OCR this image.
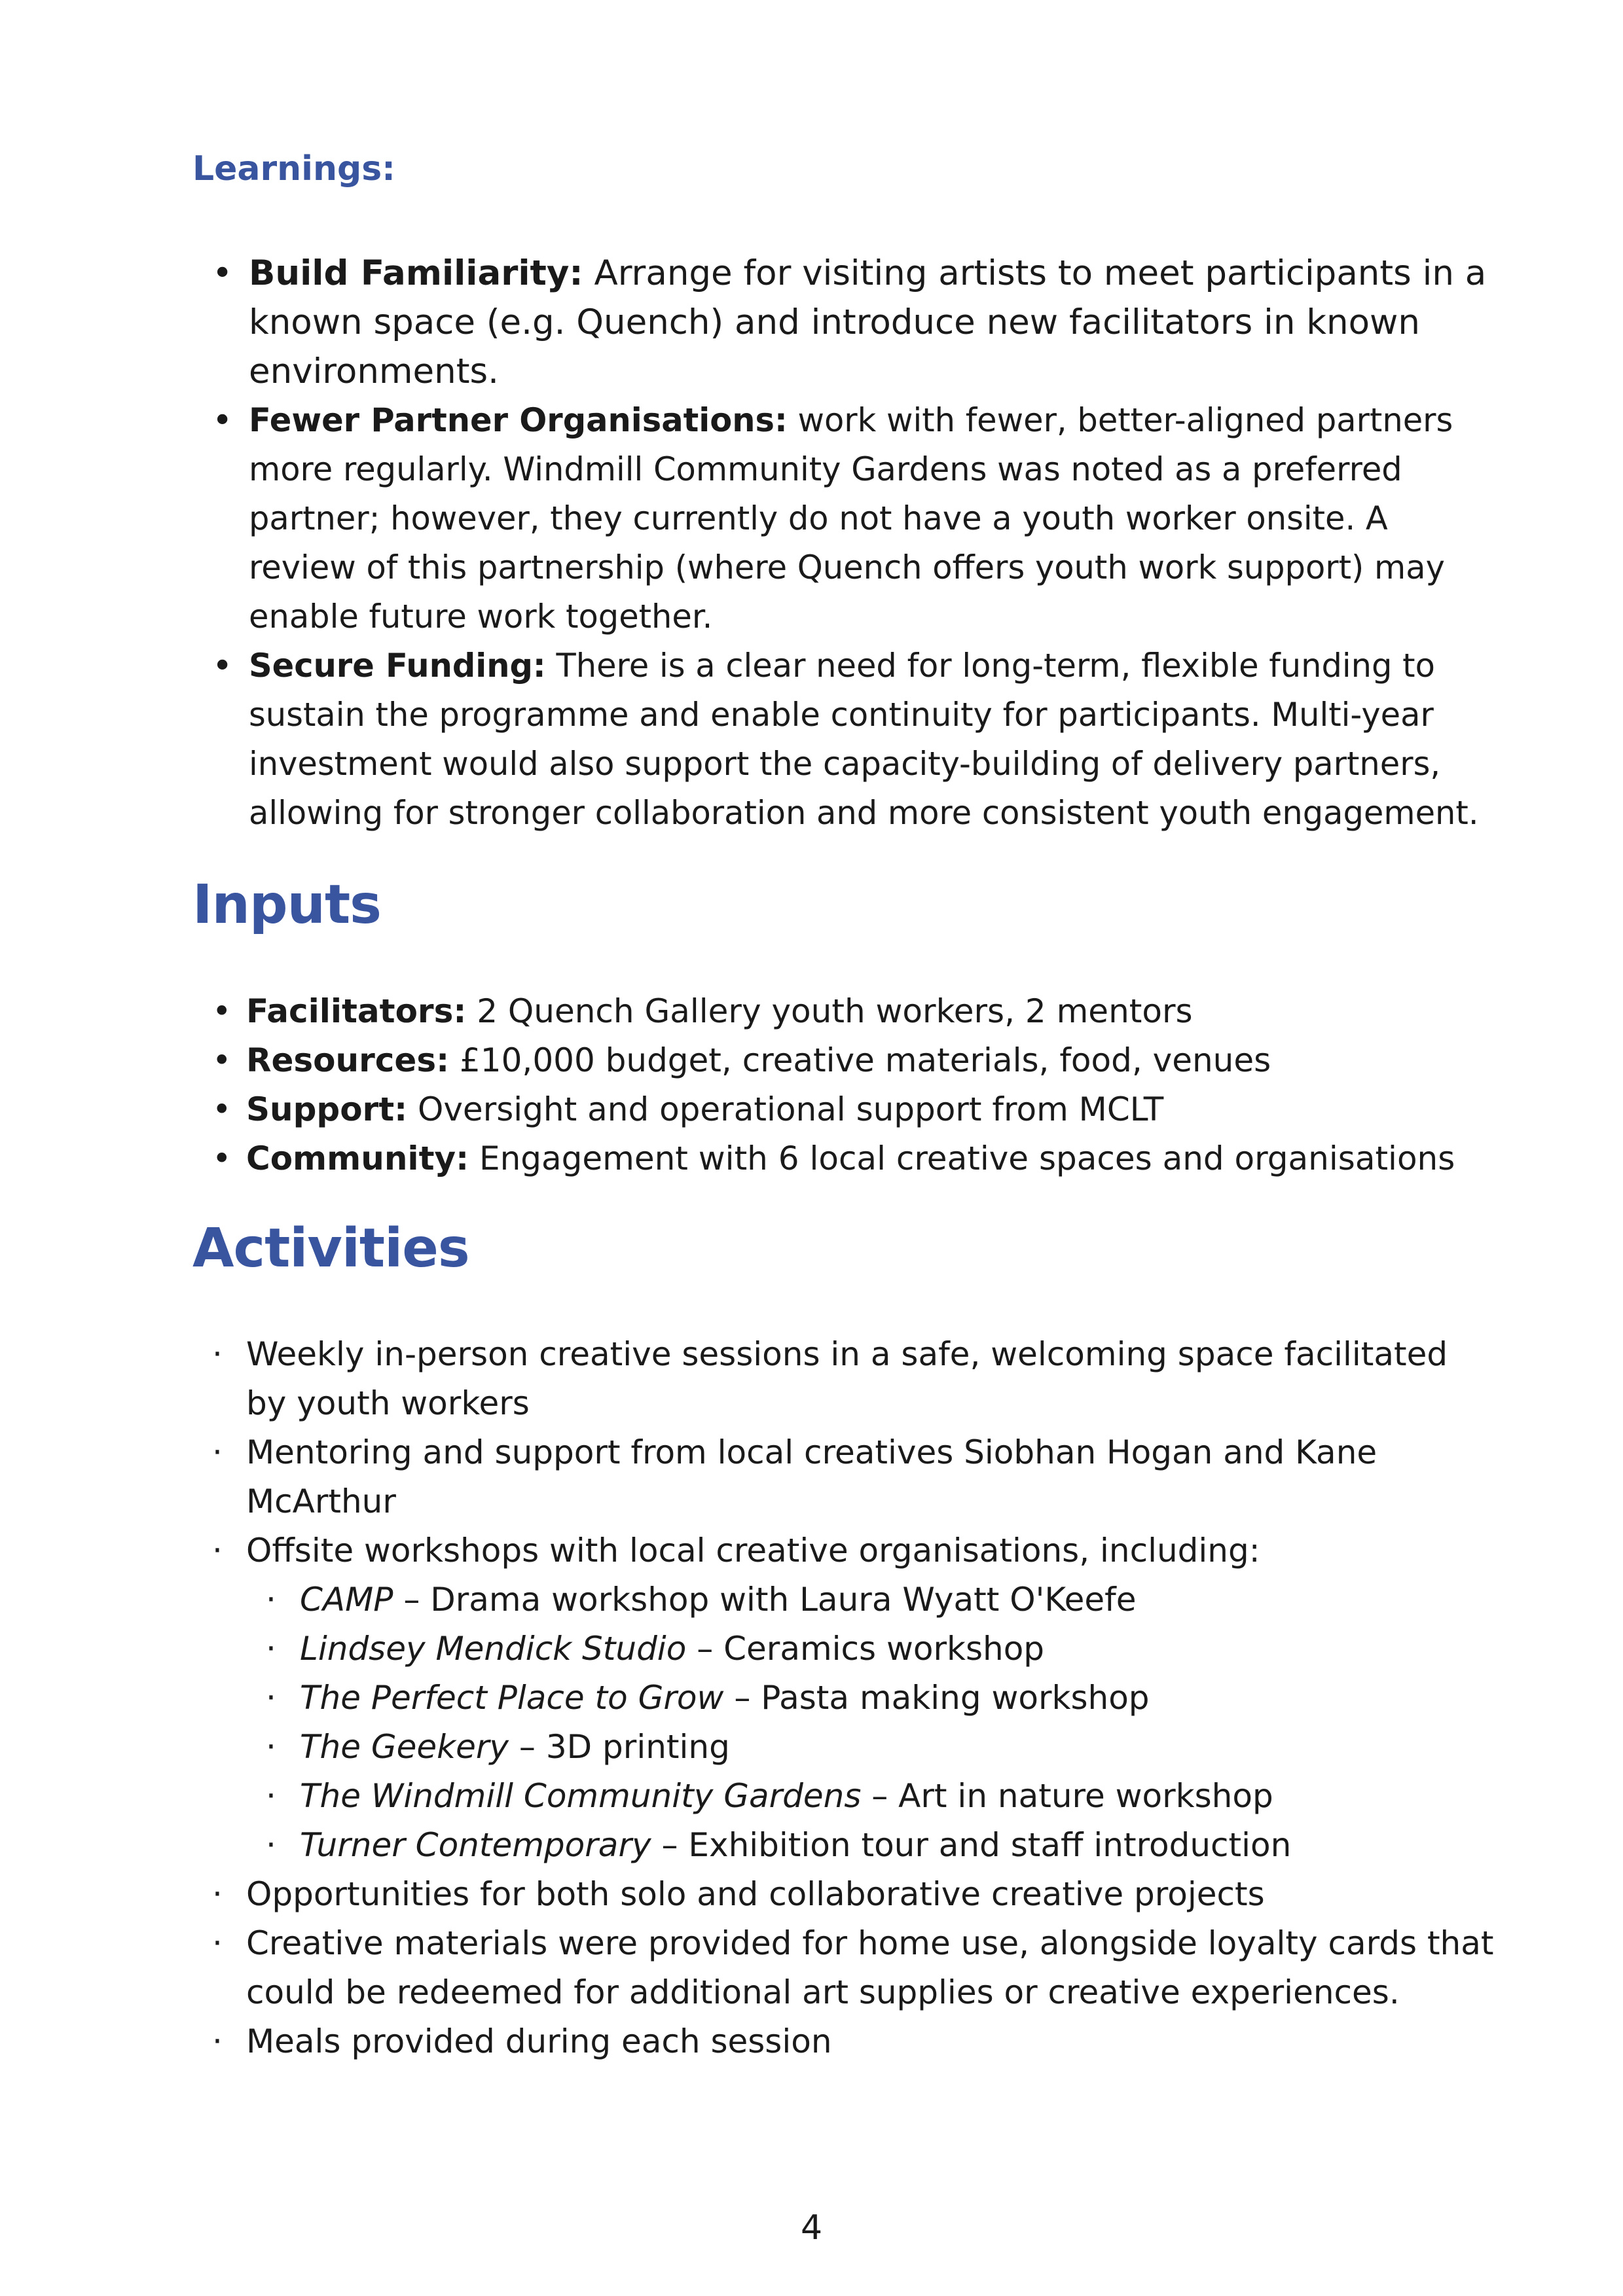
Learnings:
• Build Familiarity: Arrange for visiting artists to meet participants in a known space (e.g. Quench) and introduce new facilitators in known environments.
• Fewer Partner Organisations: work with fewer, better-aligned partners more regularly. Windmill Community Gardens was noted as a preferred partner; however, they currently do not have a youth worker onsite. A review of this partnership (where Quench offers youth work support) may enable future work together.
• Secure Funding: There is a clear need for long-term, flexible funding to sustain the programme and enable continuity for participants. Multi-year investment would also support the capacity-building of delivery partners, allowing for stronger collaboration and more consistent youth engagement.
Inputs
• Facilitators: 2 Quench Gallery youth workers, 2 mentors
• Resources: £10,000 budget, creative materials, food, venues
• Support: Oversight and operational support from MCLT
• Community: Engagement with 6 local creative spaces and organisations
Activities
· Weekly in-person creative sessions in a safe, welcoming space facilitated by youth workers
· Mentoring and support from local creatives Siobhan Hogan and Kane McArthur
· Offsite workshops with local creative organisations, including:
· CAMP – Drama workshop with Laura Wyatt O'Keefe
· Lindsey Mendick Studio – Ceramics workshop
· The Perfect Place to Grow – Pasta making workshop
· The Geekery – 3D printing
· The Windmill Community Gardens – Art in nature workshop
· Turner Contemporary – Exhibition tour and staff introduction
· Opportunities for both solo and collaborative creative projects
· Creative materials were provided for home use, alongside loyalty cards that could be redeemed for additional art supplies or creative experiences.
· Meals provided during each session

4
